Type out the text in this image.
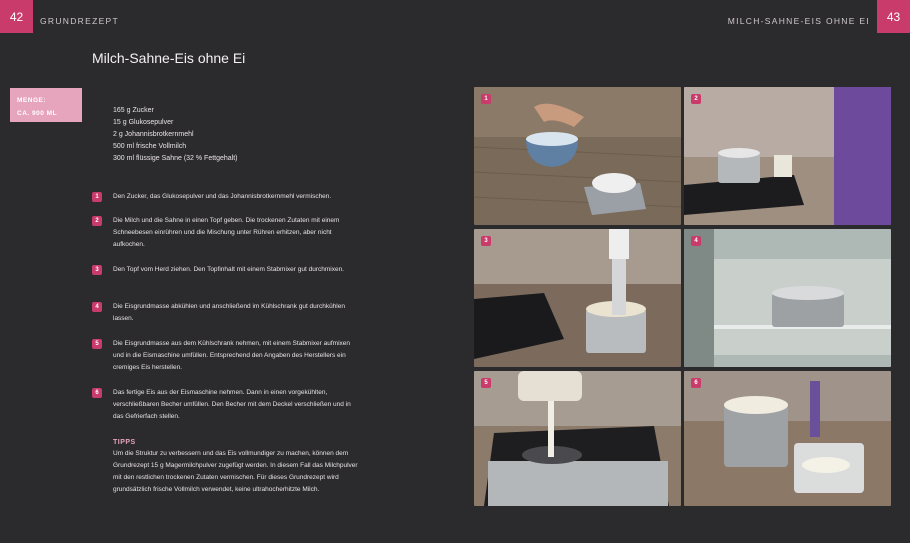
42 GRUNDREZEPT	MILCH-SAHNE-EIS OHNE EI 43
Milch-Sahne-Eis ohne Ei
MENGE:
CA. 900 ML	165 g Zucker
15 g Glukosepulver
2 g Johannisbrotkernmehl
500 ml frische Vollmilch
300 ml flüssige Sahne (32 % Fettgehalt)
1	Den Zucker, das Glukosepulver und das Johannisbrotkernmehl vermischen.
2	Die Milch und die Sahne in einen Topf geben. Die trockenen Zutaten mit einem Schneebesen einrühren und die Mischung unter Rühren erhitzen, aber nicht aufkochen.
3	Den Topf vom Herd ziehen. Den Topfinhalt mit einem Stabmixer gut durchmixen.
4	Die Eisgrundmasse abkühlen und anschließend im Kühlschrank gut durchkühlen lassen.
5	Die Eisgrundmasse aus dem Kühlschrank nehmen, mit einem Stabmixer aufmixen und in die Eismaschine umfüllen. Entsprechend den Angaben des Herstellers ein cremiges Eis herstellen.
6	Das fertige Eis aus der Eismaschine nehmen. Dann in einen vorgekühlten, verschließbaren Becher umfüllen. Den Becher mit dem Deckel verschließen und in das Gefrierfach stellen.
TIPPS
Um die Struktur zu verbessern und das Eis vollmundiger zu machen, können dem Grundrezept 15 g Magermilchpulver zugefügt werden. In diesem Fall das Milchpulver mit den restlichen trockenen Zutaten vermischen. Für dieses Grundrezept wird grundsätzlich frische Vollmilch verwendet, keine ultrahocherhitzte Milch.
1	2
3	4
5	6
